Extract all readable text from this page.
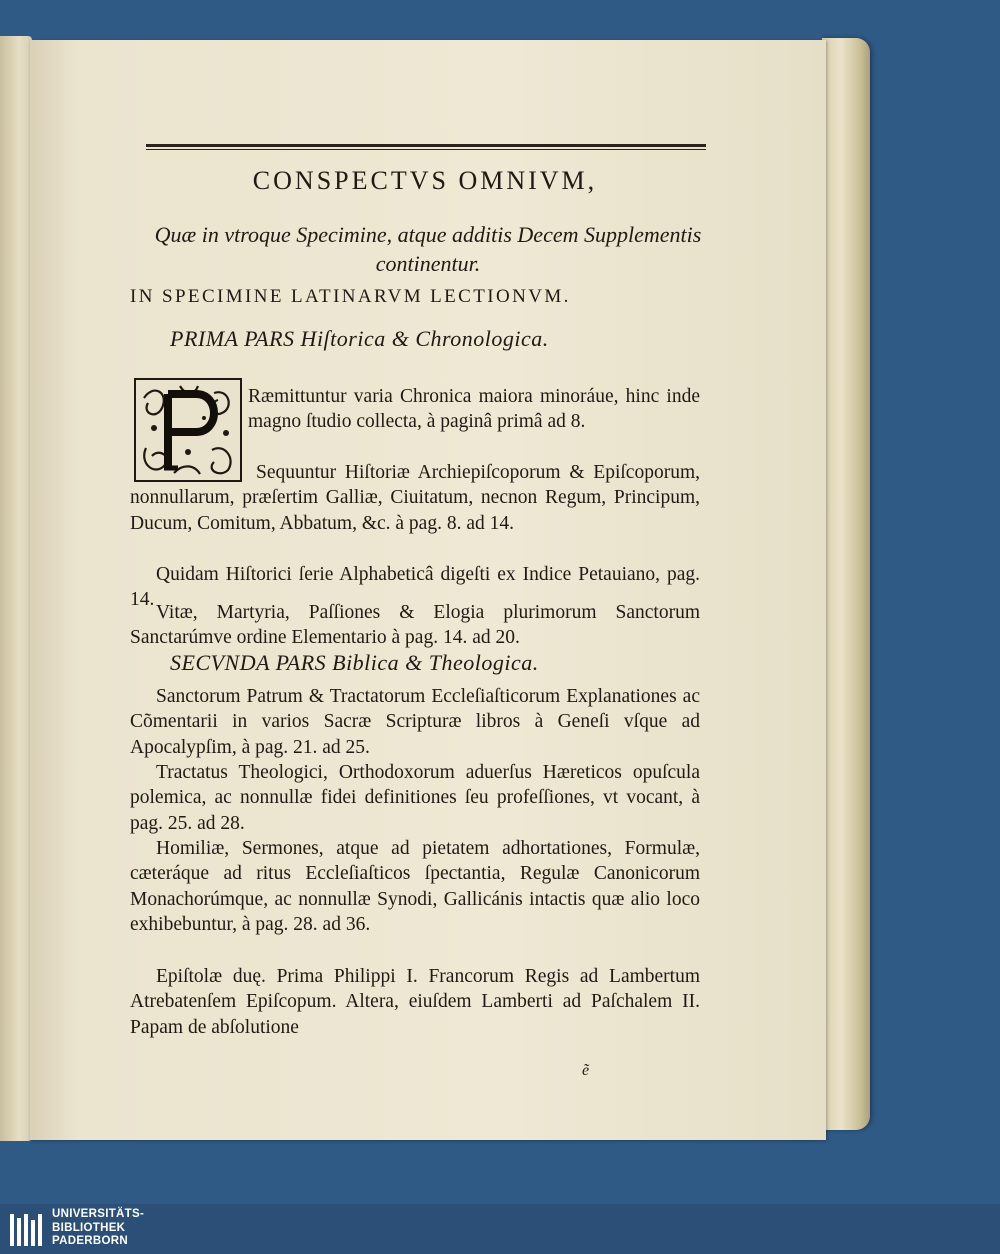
CONSPECTVS OMNIVM,
Quæ in vtroque Specimine, atque additis Decem Supplementis continentur.
IN SPECIMINE LATINARVM LECTIONVM.
PRIMA PARS Hiſtorica & Chronologica.

Ræmittuntur varia Chronica maiora minoráue, hinc inde magno ſtudio collecta, à paginâ primâ ad 8.

Sequuntur Hiſtoriæ Archiepiſcoporum & Epiſcoporum, nonnullarum, præſertim Galliæ, Ciuitatum, necnon Regum, Principum, Ducum, Comitum, Abbatum, &c. à pag. 8. ad 14.

Quidam Hiſtorici ſerie Alphabeticâ digeſti ex Indice Petauiano, pag. 14.

Vitæ, Martyria, Paſſiones & Elogia plurimorum Sanctorum Sanctarúmve ordine Elementario à pag. 14. ad 20.

SECVNDA PARS Biblica & Theologica.

Sanctorum Patrum & Tractatorum Eccleſiaſticorum Explanationes ac Cõmentarii in varios Sacræ Scripturæ libros à Geneſi vſque ad Apocalypſim, à pag. 21. ad 25.

Tractatus Theologici, Orthodoxorum aduerſus Hæreticos opuſcula polemica, ac nonnullæ fidei definitiones ſeu profeſſiones, vt vocant, à pag. 25. ad 28.

Homiliæ, Sermones, atque ad pietatem adhortationes, Formulæ, cæteráque ad ritus Eccleſiaſticos ſpectantia, Regulæ Canonicorum Monachorúmque, ac nonnullæ Synodi, Gallicánis intactis quæ alio loco exhibebuntur, à pag. 28. ad 36.

Epiſtolæ duę. Prima Philippi I. Francorum Regis ad Lambertum Atrebatenſem Epiſcopum. Altera, eiuſdem Lamberti ad Paſchalem II. Papam de abſolutione

ẽ
UNIVERSITÄTS-
BIBLIOTHEK
PADERBORN
